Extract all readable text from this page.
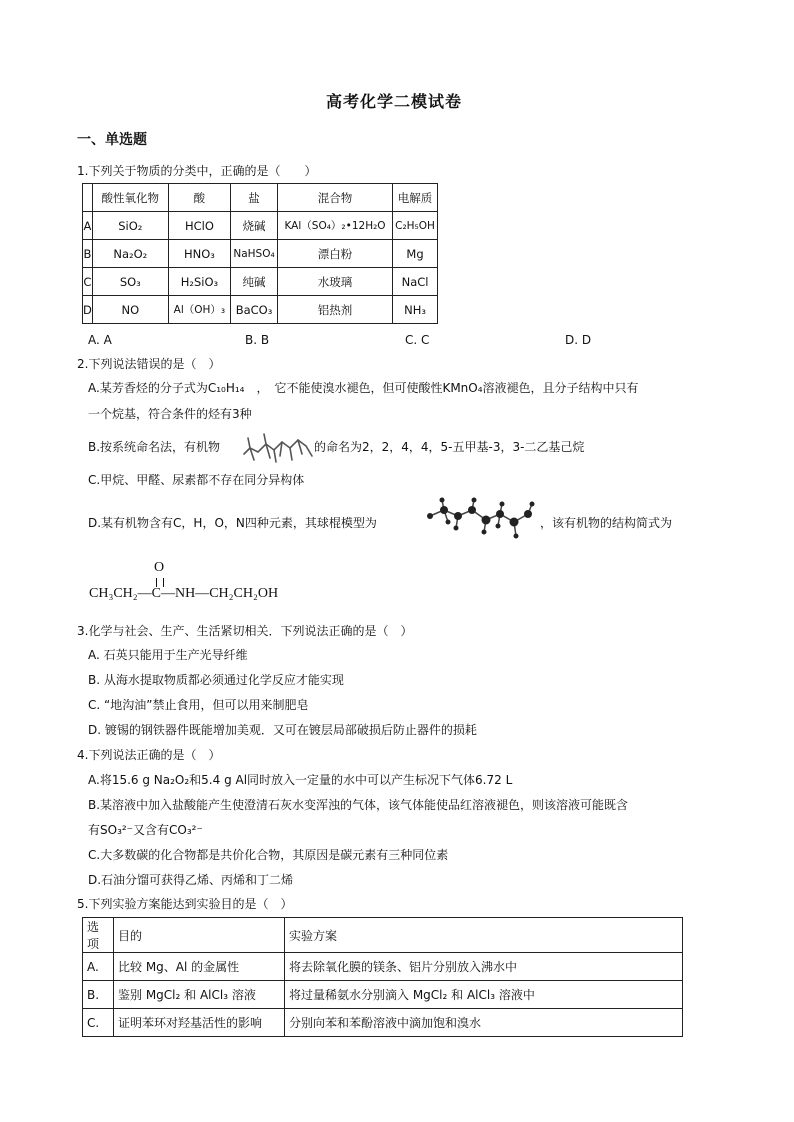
高考化学二模试卷
一、单选题
1.下列关于物质的分类中，正确的是（　　）
	酸性氧化物	酸	盐	混合物	电解质
A	SiO₂	HClO	烧碱	KAl（SO₄）₂•12H₂O	C₂H₅OH
B	Na₂O₂	HNO₃	NaHSO₄	漂白粉	Mg
C	SO₃	H₂SiO₃	纯碱	水玻璃	NaCl
D	NO	Al（OH）₃	BaCO₃	铝热剂	NH₃
A. A	B. B	C. C	D. D
2.下列说法错误的是（　）
A.某芳香烃的分子式为C₁₀H₁₄　，　它不能使溴水褪色，但可使酸性KMnO₄溶液褪色，且分子结构中只有
一个烷基，符合条件的烃有3种
B.按系统命名法，有机物	的命名为2，2，4，4，5-五甲基-3，3-二乙基己烷
C.甲烷、甲醛、尿素都不存在同分异构体
D.某有机物含有C，H，O，N四种元素，其球棍模型为	，该有机物的结构简式为
O
CH₃CH₂—C—NH—CH₂CH₂OH
3.化学与社会、生产、生活紧切相关．下列说法正确的是（　）
A. 石英只能用于生产光导纤维
B. 从海水提取物质都必须通过化学反应才能实现
C. “地沟油”禁止食用，但可以用来制肥皂
D. 镀锡的钢铁器件既能增加美观．又可在镀层局部破损后防止器件的损耗
4.下列说法正确的是（　）
A.将15.6 g Na₂O₂和5.4 g Al同时放入一定量的水中可以产生标况下气体6.72 L
B.某溶液中加入盐酸能产生使澄清石灰水变浑浊的气体，该气体能使品红溶液褪色，则该溶液可能既含
有SO₃²⁻又含有CO₃²⁻
C.大多数碳的化合物都是共价化合物，其原因是碳元素有三种同位素
D.石油分馏可获得乙烯、丙烯和丁二烯
5.下列实验方案能达到实验目的是（　）
选项	目的	实验方案
A.	比较 Mg、Al 的金属性	将去除氧化膜的镁条、铝片分别放入沸水中
B.	鉴别 MgCl₂ 和 AlCl₃ 溶液	将过量稀氨水分别滴入 MgCl₂ 和 AlCl₃ 溶液中
C.	证明苯环对羟基活性的影响	分别向苯和苯酚溶液中滴加饱和溴水
